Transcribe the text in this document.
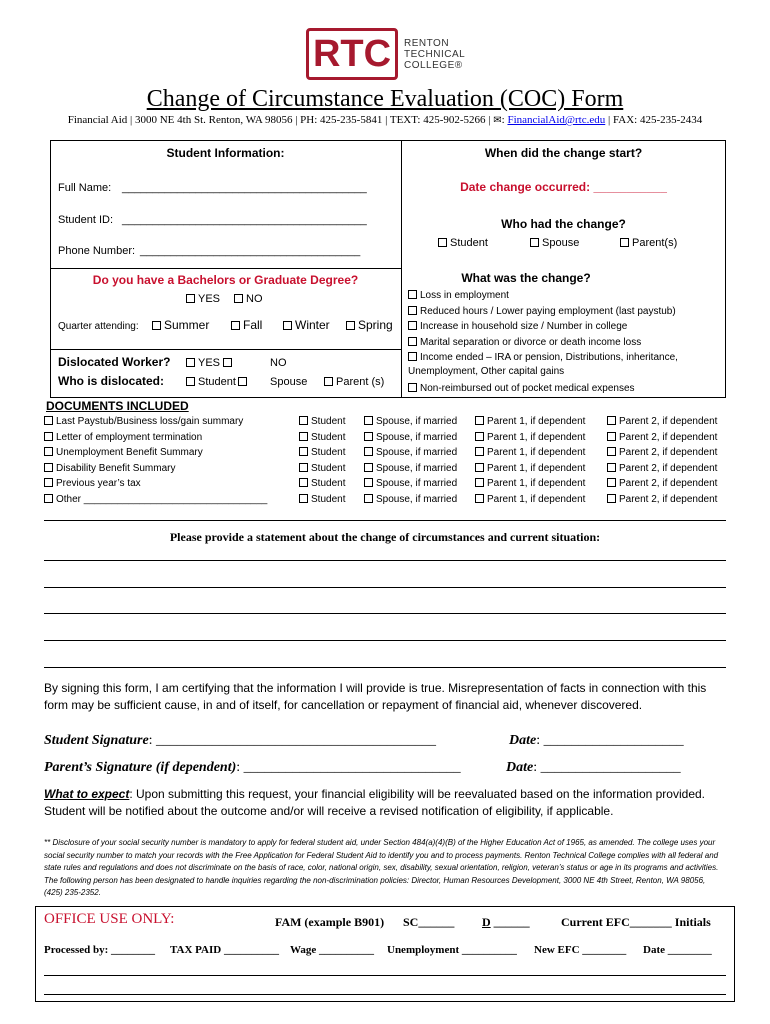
RTC RENTON
TECHNICAL
COLLEGE®
Change of Circumstance Evaluation (COC) Form
Financial Aid | 3000 NE 4th St. Renton, WA 98056 | PH: 425-235-5841 | TEXT: 425-902-5266 | ✉: FinancialAid@rtc.edu | FAX: 425-235-2434
Student Information:
Full Name: ________________________________________
Student ID: ________________________________________
Phone Number: ____________________________________
Do you have a Bachelors or Graduate Degree?
YES	NO
Quarter attending:	Summer	Fall	Winter	Spring
Dislocated Worker?	YES	NO
Who is dislocated:	Student	Spouse	Parent (s)
When did the change start?
Date change occurred: ___________
Who had the change?
Student	Spouse	Parent(s)
What was the change?
Loss in employment
Reduced hours / Lower paying employment (last paystub)
Increase in household size / Number in college
Marital separation or divorce or death income loss
Income ended – IRA or pension, Distributions, inheritance,
Unemployment, Other capital gains
Non-reimbursed out of pocket medical expenses
DOCUMENTS INCLUDED
Last Paystub/Business loss/gain summary	Student	Spouse, if married	Parent 1, if dependent	Parent 2, if dependent
Letter of employment termination	Student	Spouse, if married	Parent 1, if dependent	Parent 2, if dependent
Unemployment Benefit Summary	Student	Spouse, if married	Parent 1, if dependent	Parent 2, if dependent
Disability Benefit Summary	Student	Spouse, if married	Parent 1, if dependent	Parent 2, if dependent
Previous year’s tax	Student	Spouse, if married	Parent 1, if dependent	Parent 2, if dependent
Other _________________________________	Student	Spouse, if married	Parent 1, if dependent	Parent 2, if dependent
Please provide a statement about the change of circumstances and current situation:
By signing this form, I am certifying that the information I will provide is true. Misrepresentation of facts in connection with this form may be sufficient cause, in and of itself, for cancellation or repayment of financial aid, whenever discovered.
Student Signature: ________________________________________	Date: ____________________
Parent’s Signature (if dependent): _______________________________	Date: ____________________
What to expect: Upon submitting this request, your financial eligibility will be reevaluated based on the information provided. Student will be notified about the outcome and/or will receive a revised notification of eligibility, if applicable.
** Disclosure of your social security number is mandatory to apply for federal student aid, under Section 484(a)(4)(B) of the Higher Education Act of 1965, as amended. The college uses your social security number to match your records with the Free Application for Federal Student Aid to identify you and to process payments. Renton Technical College complies with all federal and state rules and regulations and does not discriminate on the basis of race, color, national origin, sex, disability, sexual orientation, religion, veteran’s status or age in its programs and activities. The following person has been designated to handle inquiries regarding the non-discrimination policies: Director, Human Resources Development, 3000 NE 4th Street, Renton, WA 98056, (425) 235-2352.
OFFICE USE ONLY:	FAM (example B901) SC______ D ______	Current EFC_______ Initials
Processed by: ________ TAX PAID __________ Wage __________ Unemployment __________ New EFC ________ Date ________
